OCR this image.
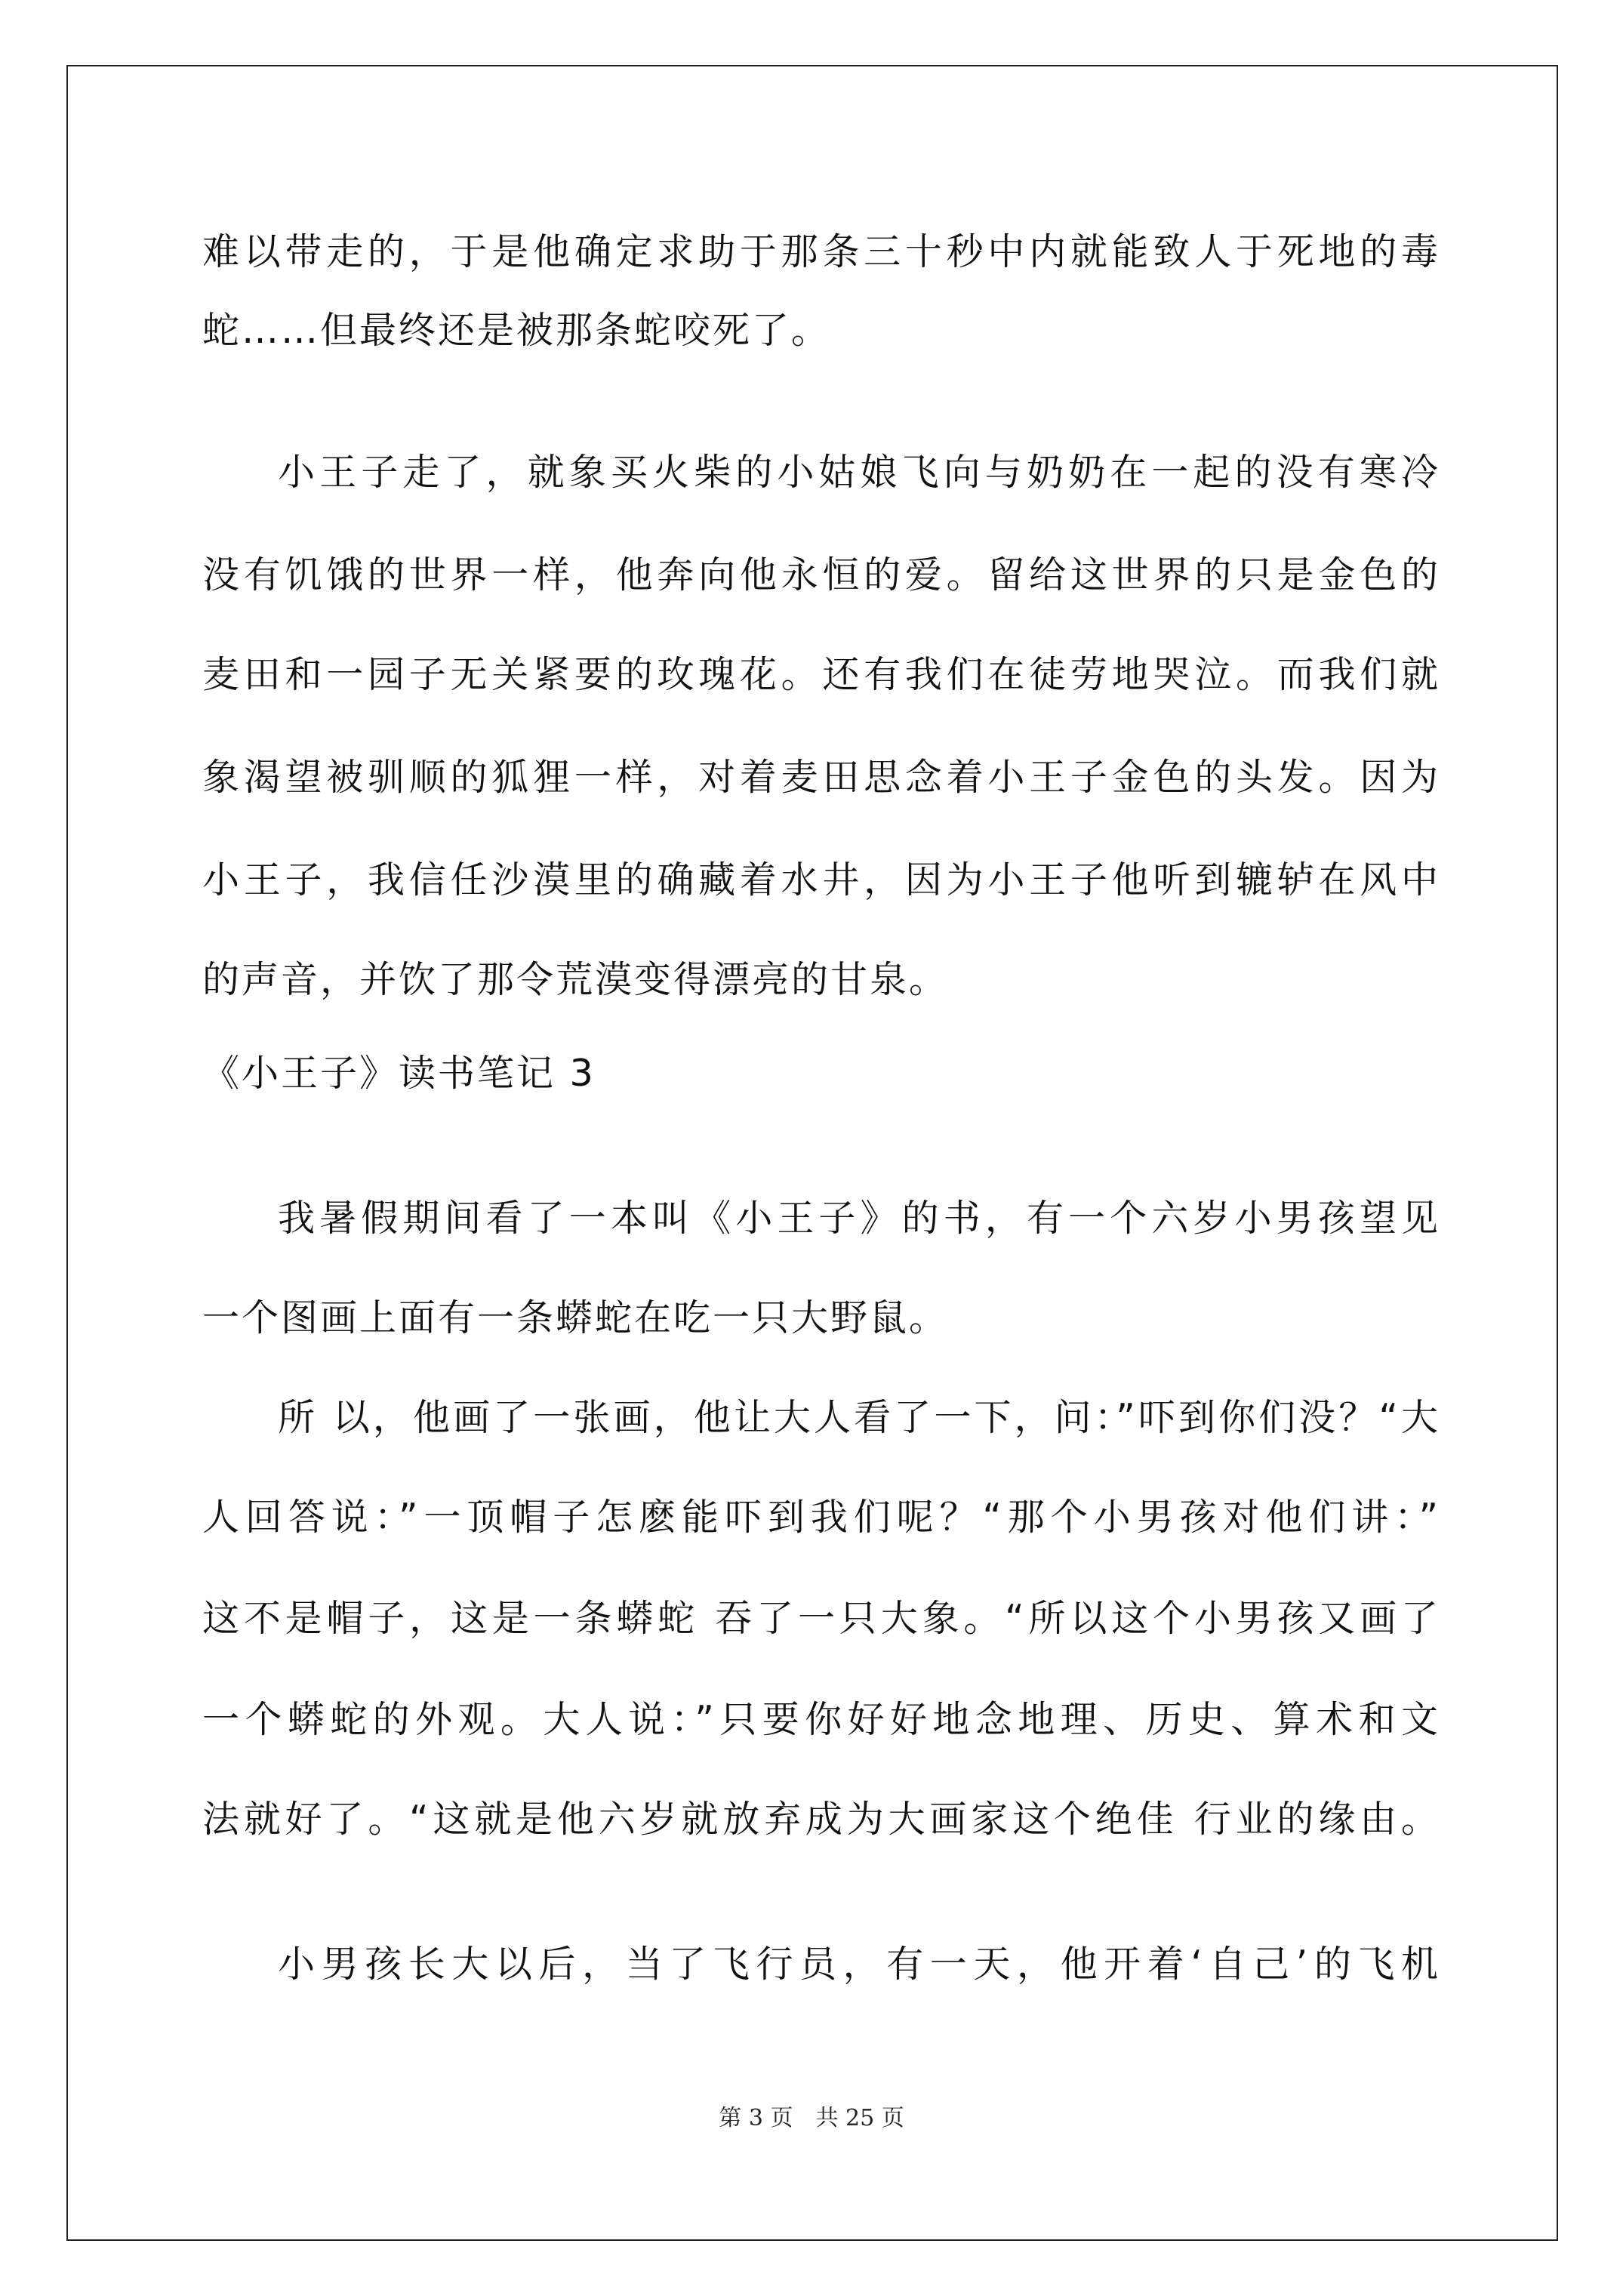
难以带走的，于是他确定求助于那条三十秒中内就能致人于死地的毒
蛇……但最终还是被那条蛇咬死了。
小王子走了，就象买火柴的小姑娘飞向与奶奶在一起的没有寒冷
没有饥饿的世界一样，他奔向他永恒的爱。留给这世界的只是金色的
麦田和一园子无关紧要的玫瑰花。还有我们在徒劳地哭泣。而我们就
象渴望被驯顺的狐狸一样，对着麦田思念着小王子金色的头发。因为
小王子，我信任沙漠里的确藏着水井，因为小王子他听到辘轳在风中
的声音，并饮了那令荒漠变得漂亮的甘泉。
《小王子》读书笔记 3
我暑假期间看了一本叫《小王子》的书，有一个六岁小男孩望见
一个图画上面有一条蟒蛇在吃一只大野鼠。
所 以，他画了一张画，他让大人看了一下，问：”吓到你们没？“大
人回答说：”一顶帽子怎麽能吓到我们呢？“那个小男孩对他们讲：”
这不是帽子，这是一条蟒蛇 吞了一只大象。“所以这个小男孩又画了
一个蟒蛇的外观。大人说：”只要你好好地念地理、历史、算术和文
法就好了。“这就是他六岁就放弃成为大画家这个绝佳 行业的缘由。
小男孩长大以后，当了飞行员，有一天，他开着‘自己’的飞机
第 3 页　共 25 页
